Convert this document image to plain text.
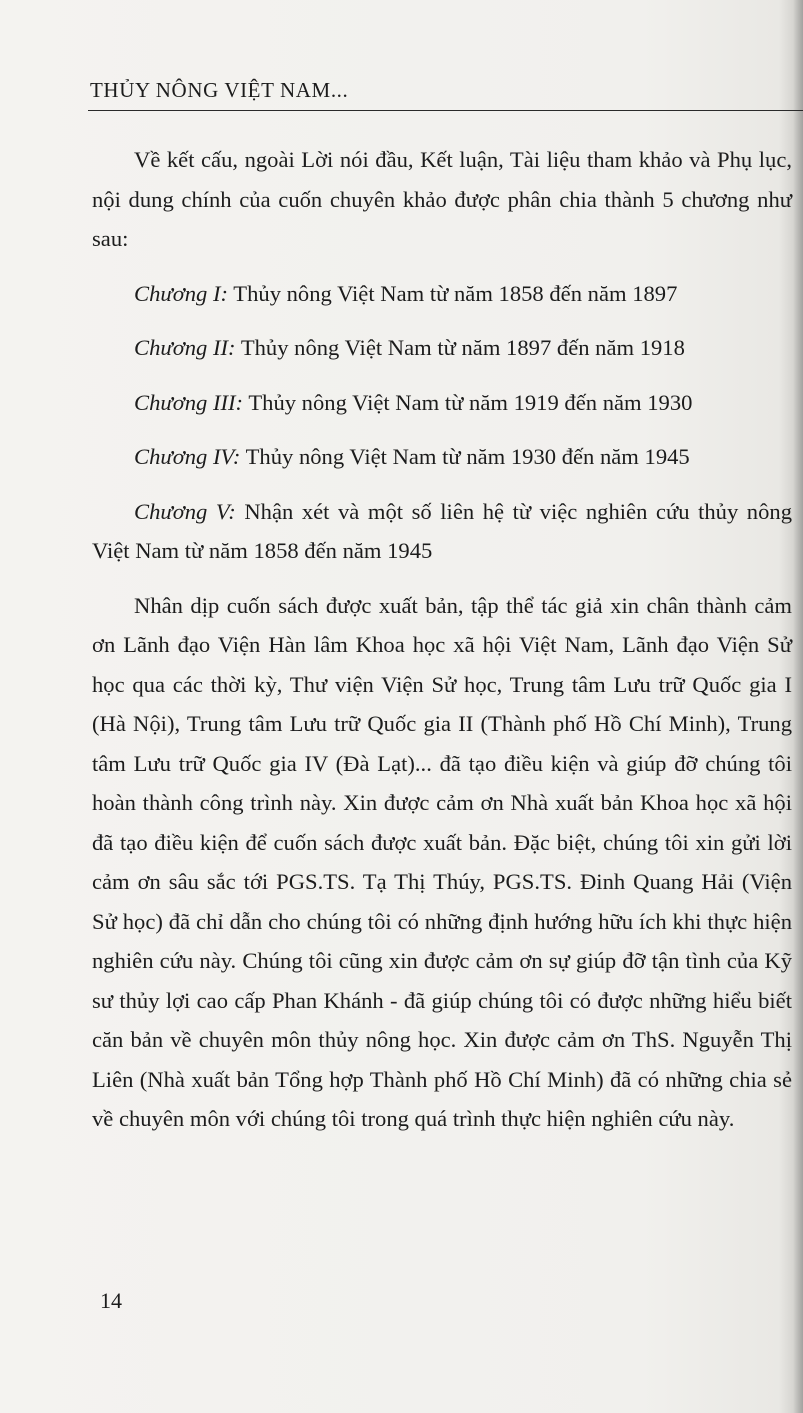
THỦY NÔNG VIỆT NAM...

Về kết cấu, ngoài Lời nói đầu, Kết luận, Tài liệu tham khảo và Phụ lục, nội dung chính của cuốn chuyên khảo được phân chia thành 5 chương như sau:

Chương I: Thủy nông Việt Nam từ năm 1858 đến năm 1897

Chương II: Thủy nông Việt Nam từ năm 1897 đến năm 1918

Chương III: Thủy nông Việt Nam từ năm 1919 đến năm 1930

Chương IV: Thủy nông Việt Nam từ năm 1930 đến năm 1945

Chương V: Nhận xét và một số liên hệ từ việc nghiên cứu thủy nông Việt Nam từ năm 1858 đến năm 1945

Nhân dịp cuốn sách được xuất bản, tập thể tác giả xin chân thành cảm ơn Lãnh đạo Viện Hàn lâm Khoa học xã hội Việt Nam, Lãnh đạo Viện Sử học qua các thời kỳ, Thư viện Viện Sử học, Trung tâm Lưu trữ Quốc gia I (Hà Nội), Trung tâm Lưu trữ Quốc gia II (Thành phố Hồ Chí Minh), Trung tâm Lưu trữ Quốc gia IV (Đà Lạt)... đã tạo điều kiện và giúp đỡ chúng tôi hoàn thành công trình này. Xin được cảm ơn Nhà xuất bản Khoa học xã hội đã tạo điều kiện để cuốn sách được xuất bản. Đặc biệt, chúng tôi xin gửi lời cảm ơn sâu sắc tới PGS.TS. Tạ Thị Thúy, PGS.TS. Đinh Quang Hải (Viện Sử học) đã chỉ dẫn cho chúng tôi có những định hướng hữu ích khi thực hiện nghiên cứu này. Chúng tôi cũng xin được cảm ơn sự giúp đỡ tận tình của Kỹ sư thủy lợi cao cấp Phan Khánh - đã giúp chúng tôi có được những hiểu biết căn bản về chuyên môn thủy nông học. Xin được cảm ơn ThS. Nguyễn Thị Liên (Nhà xuất bản Tổng hợp Thành phố Hồ Chí Minh) đã có những chia sẻ về chuyên môn với chúng tôi trong quá trình thực hiện nghiên cứu này.

14
